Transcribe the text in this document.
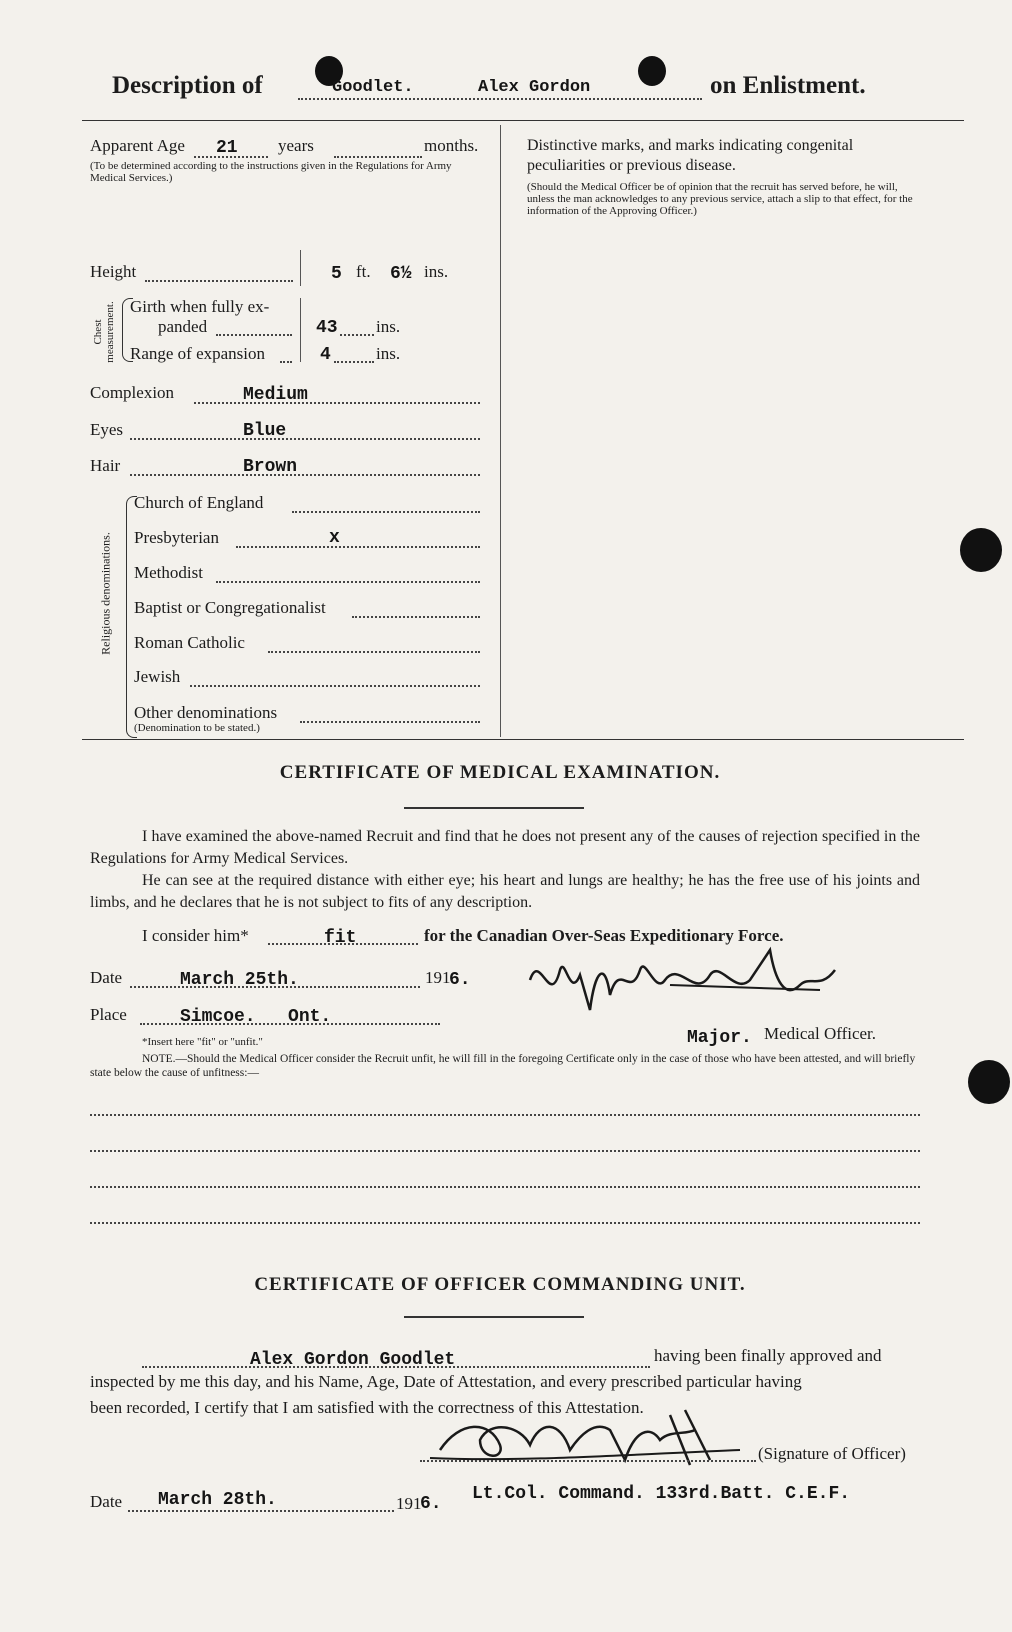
Description of	Goodlet.	Alex Gordon	on Enlistment.
Apparent Age 21 years	months.
(To be determined according to the instructions given in the Regulations for Army Medical Services.)
Height	5 ft. 6½ ins.
Chest measurement. Girth when fully ex-
panded	43 ins.
Range of expansion	4	ins.
Complexion	Medium
Eyes	Blue
Hair	Brown
Religious denominations.
Church of England
Presbyterian	x
Methodist
Baptist or Congregationalist
Roman Catholic
Jewish
Other denominations
(Denomination to be stated.)
Distinctive marks, and marks indicating congenital peculiarities or previous disease.
(Should the Medical Officer be of opinion that the recruit has served before, he will, unless the man acknowledges to any previous service, attach a slip to that effect, for the information of the Approving Officer.)
CERTIFICATE OF MEDICAL EXAMINATION.
I have examined the above-named Recruit and find that he does not present any of the causes of rejection specified in the Regulations for Army Medical Services.
He can see at the required distance with either eye; his heart and lungs are healthy; he has the free use of his joints and limbs, and he declares that he is not subject to fits of any description.
I consider him*	fit	for the Canadian Over-Seas Expeditionary Force.
Date	March 25th.	191
6.
Place	Simcoe.   Ont.
*Insert here "fit" or "unfit."	Major. Medical Officer.
NOTE.—Should the Medical Officer consider the Recruit unfit, he will fill in the foregoing Certificate only in the case of those who have been attested, and will briefly state below the cause of unfitness:—
CERTIFICATE OF OFFICER COMMANDING UNIT.
Alex Gordon Goodlet	having been finally approved and
inspected by me this day, and his Name, Age, Date of Attestation, and every prescribed particular having
been recorded, I certify that I am satisfied with the correctness of this Attestation.
(Signature of Officer)
Date March 28th.	191
6. Lt.Col. Command. 133rd.Batt. C.E.F.
